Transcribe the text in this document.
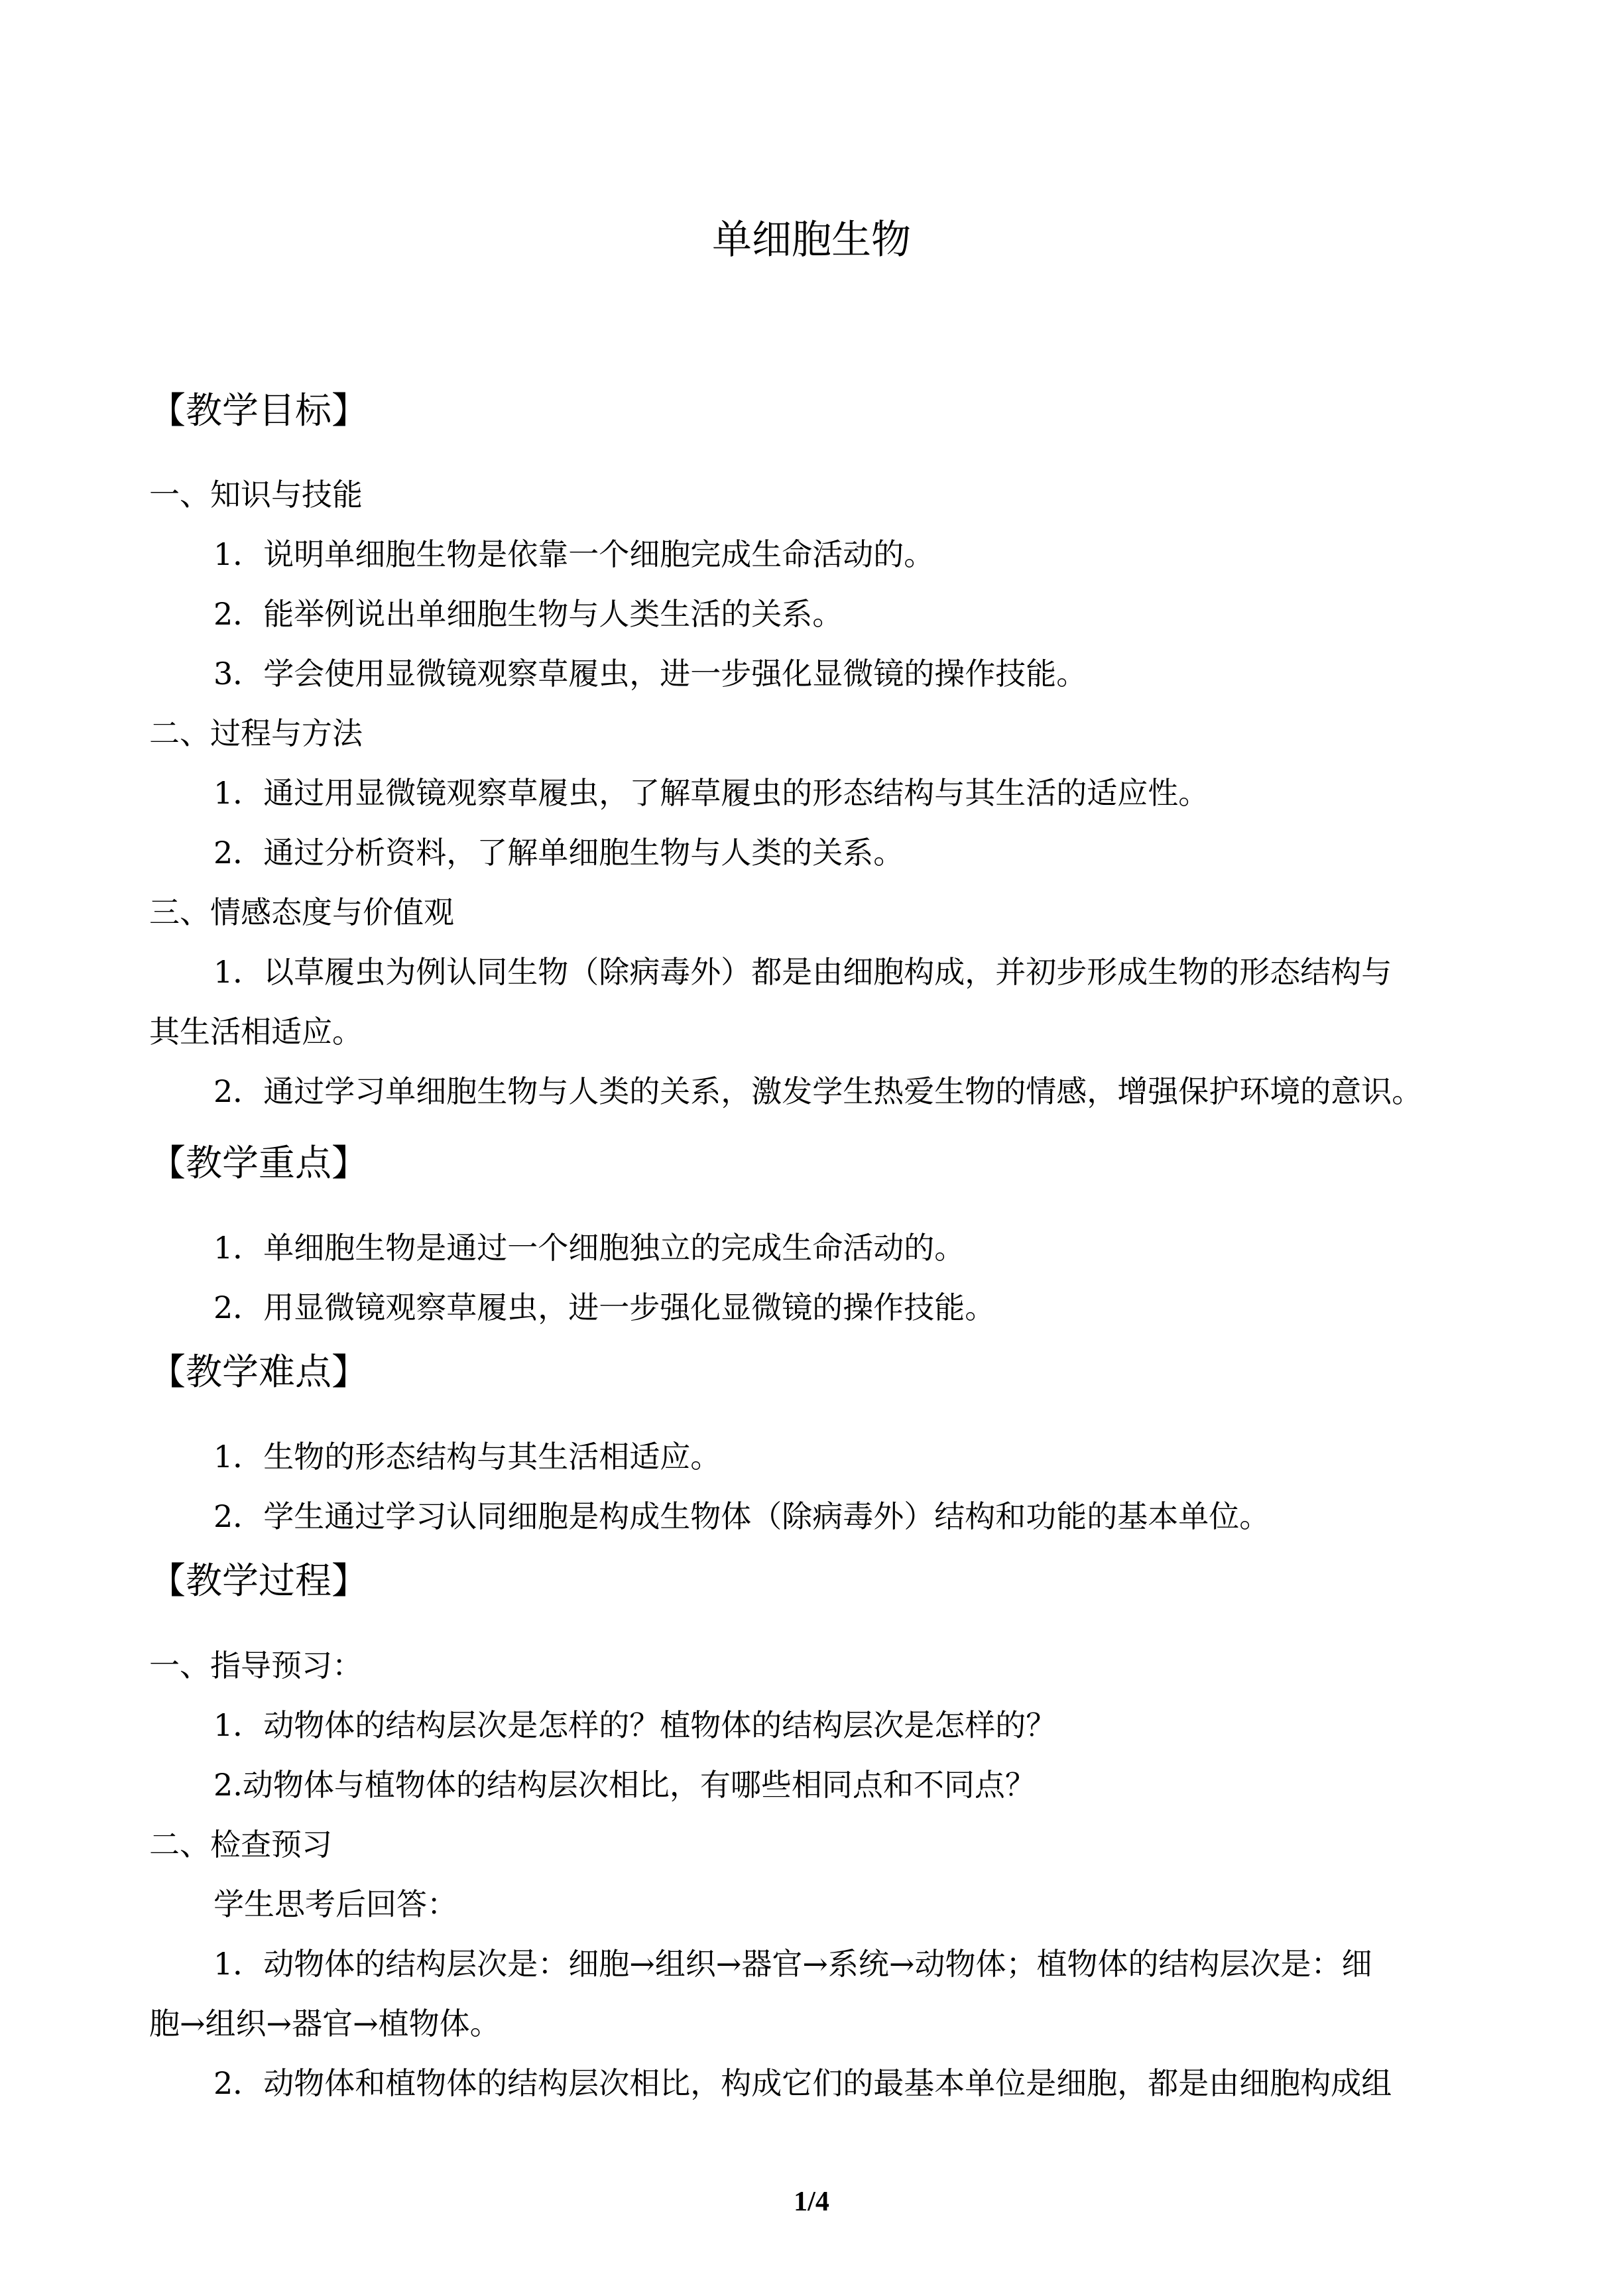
单细胞生物
【教学目标】
一、知识与技能
1．说明单细胞生物是依靠一个细胞完成生命活动的。
2．能举例说出单细胞生物与人类生活的关系。
3．学会使用显微镜观察草履虫，进一步强化显微镜的操作技能。
二、过程与方法
1．通过用显微镜观察草履虫，了解草履虫的形态结构与其生活的适应性。
2．通过分析资料，了解单细胞生物与人类的关系。
三、情感态度与价值观
1．以草履虫为例认同生物（除病毒外）都是由细胞构成，并初步形成生物的形态结构与
其生活相适应。
2．通过学习单细胞生物与人类的关系，激发学生热爱生物的情感，增强保护环境的意识。
【教学重点】
1．单细胞生物是通过一个细胞独立的完成生命活动的。
2．用显微镜观察草履虫，进一步强化显微镜的操作技能。
【教学难点】
1．生物的形态结构与其生活相适应。
2．学生通过学习认同细胞是构成生物体（除病毒外）结构和功能的基本单位。
【教学过程】
一、指导预习：
1．动物体的结构层次是怎样的？植物体的结构层次是怎样的？
2.动物体与植物体的结构层次相比，有哪些相同点和不同点？
二、检查预习
学生思考后回答：
1．动物体的结构层次是：细胞→组织→器官→系统→动物体；植物体的结构层次是：细
胞→组织→器官→植物体。
2．动物体和植物体的结构层次相比，构成它们的最基本单位是细胞，都是由细胞构成组
1/4
